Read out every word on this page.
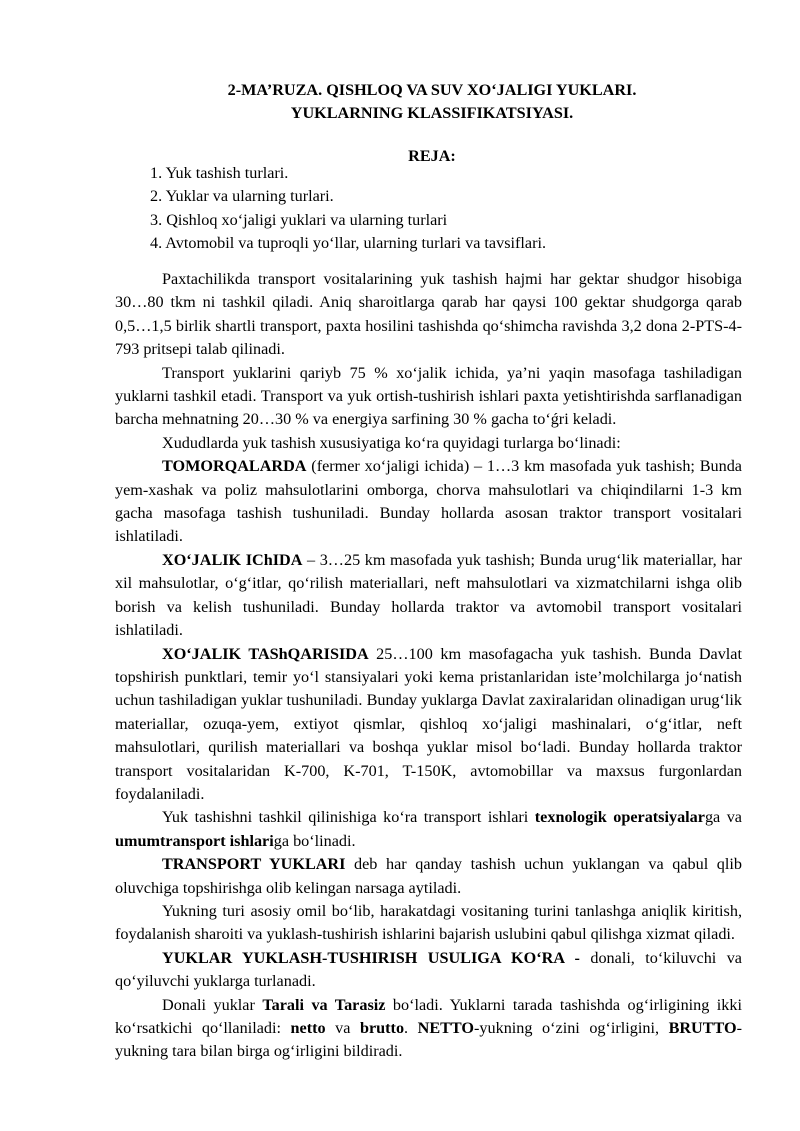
2-MA’RUZA. QISHLOQ VA SUV XO‘JALIGI YUKLARI.
YUKLARNING KLASSIFIKATSIYASI.
REJA:
1. Yuk tashish turlari.
2. Yuklar va ularning turlari.
3. Qishloq xo‘jaligi yuklari va ularning turlari
4. Avtomobil va tuproqli yo‘llar, ularning turlari va tavsiflari.

Paxtachilikda transport vositalarining yuk tashish hajmi har gektar shudgor hisobiga 30…80 tkm ni tashkil qiladi. Aniq sharoitlarga qarab har qaysi 100 gektar shudgorga qarab 0,5…1,5 birlik shartli transport, paxta hosilini tashishda qo‘shimcha ravishda 3,2 dona 2-PTS-4-793 pritsepi talab qilinadi.

Transport yuklarini qariyb 75 % xo‘jalik ichida, ya’ni yaqin masofaga tashiladigan yuklarni tashkil etadi. Transport va yuk ortish-tushirish ishlari paxta yetishtirishda sarflanadigan barcha mehnatning 20…30 % va energiya sarfining 30 % gacha to‘ǵri keladi.

Xududlarda yuk tashish xususiyatiga ko‘ra quyidagi turlarga bo‘linadi:

TOMORQALARDA (fermer xo‘jaligi ichida) – 1…3 km masofada yuk tashish; Bunda yem-xashak va poliz mahsulotlarini omborga, chorva mahsulotlari va chiqindilarni 1-3 km gacha masofaga tashish tushuniladi. Bunday hollarda asosan traktor transport vositalari ishlatiladi.

XO‘JALIK IChIDA – 3…25 km masofada yuk tashish; Bunda urug‘lik materiallar, har xil mahsulotlar, o‘g‘itlar, qo‘rilish materiallari, neft mahsulotlari va xizmatchilarni ishga olib borish va kelish tushuniladi. Bunday hollarda traktor va avtomobil transport vositalari ishlatiladi.

XO‘JALIK TAShQARISIDA 25…100 km masofagacha yuk tashish. Bunda Davlat topshirish punktlari, temir yo‘l stansiyalari yoki kema pristanlaridan iste’molchilarga jo‘natish uchun tashiladigan yuklar tushuniladi. Bunday yuklarga Davlat zaxiralaridan olinadigan urug‘lik materiallar, ozuqa-yem, extiyot qismlar, qishloq xo‘jaligi mashinalari, o‘g‘itlar, neft mahsulotlari, qurilish materiallari va boshqa yuklar misol bo‘ladi. Bunday hollarda traktor transport vositalaridan K-700, K-701, T-150K, avtomobillar va maxsus furgonlardan foydalaniladi.

Yuk tashishni tashkil qilinishiga ko‘ra transport ishlari texnologik operatsiyalarga va umumtransport ishlariga bo‘linadi.

TRANSPORT YUKLARI deb har qanday tashish uchun yuklangan va qabul qlib oluvchiga topshirishga olib kelingan narsaga aytiladi.

Yukning turi asosiy omil bo‘lib, harakatdagi vositaning turini tanlashga aniqlik kiritish, foydalanish sharoiti va yuklash-tushirish ishlarini bajarish uslubini qabul qilishga xizmat qiladi.

YUKLAR YUKLASH-TUSHIRISH USULIGA KO‘RA - donali, to‘kiluvchi va qo‘yiluvchi yuklarga turlanadi.

Donali yuklar Tarali va Tarasiz bo‘ladi. Yuklarni tarada tashishda og‘irligining ikki ko‘rsatkichi qo‘llaniladi: netto va brutto. NETTO-yukning o‘zini og‘irligini, BRUTTO-yukning tara bilan birga og‘irligini bildiradi.
